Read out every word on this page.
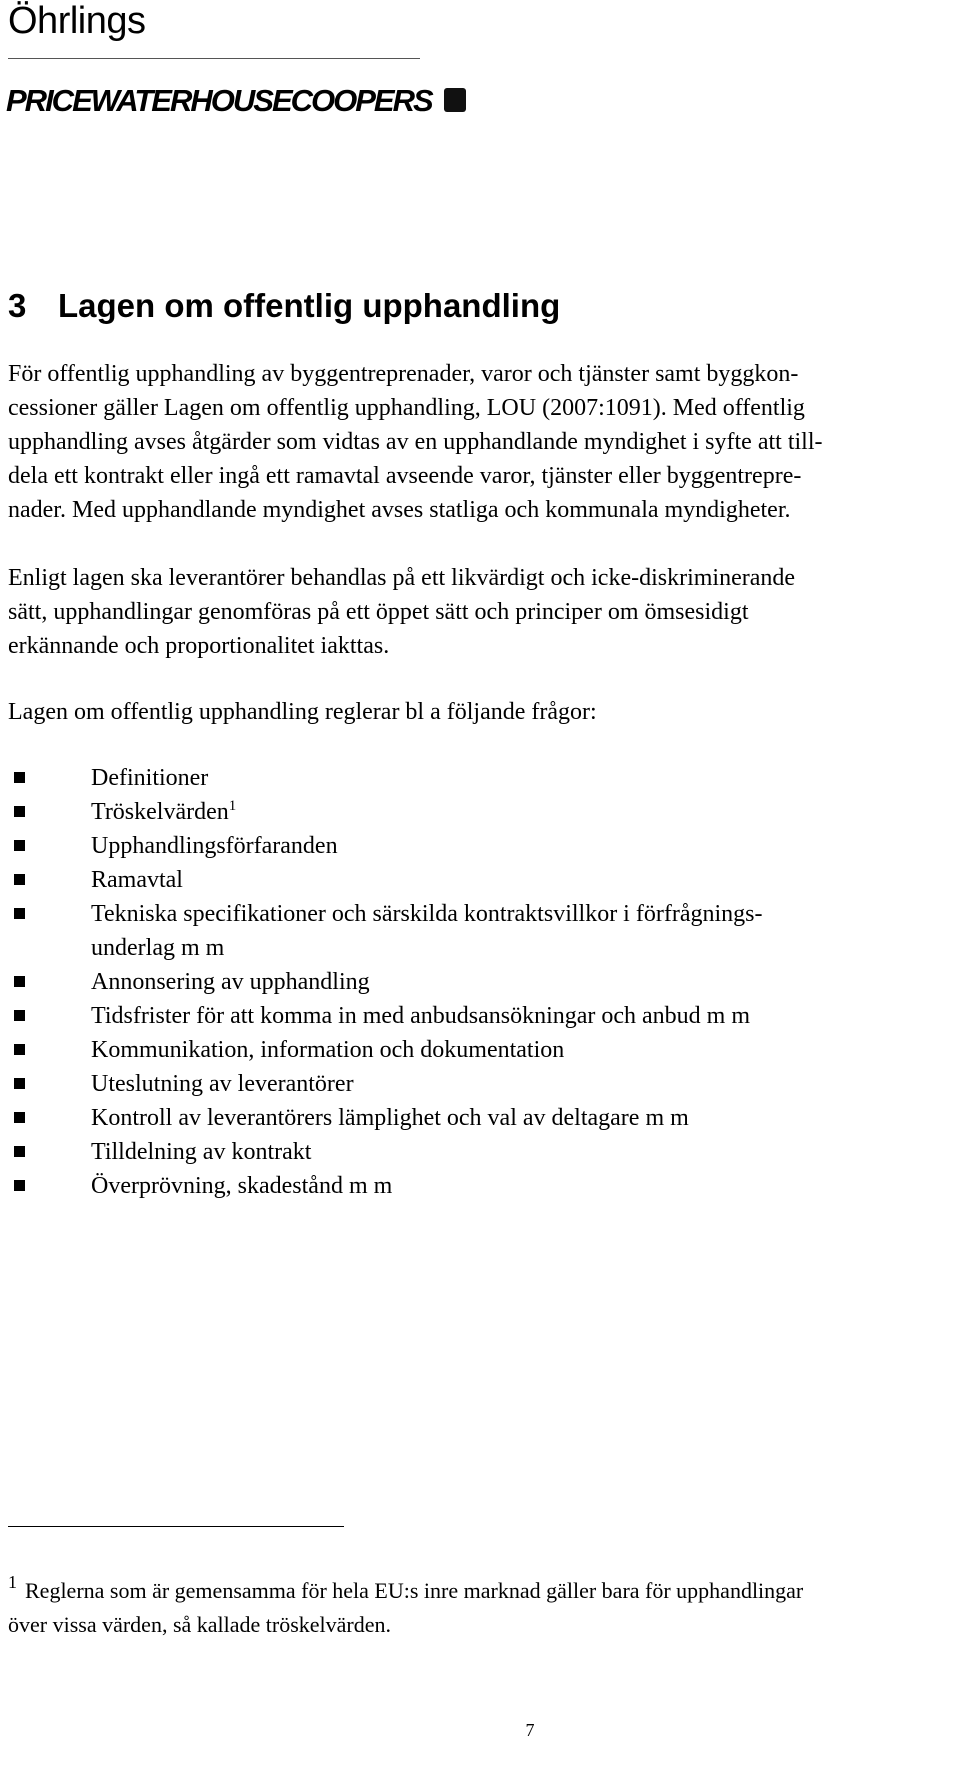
Öhrlings
PRICEWATERHOUSECOOPERS
3 Lagen om offentlig upphandling

För offentlig upphandling av byggentreprenader, varor och tjänster samt byggkon-
cessioner gäller Lagen om offentlig upphandling, LOU (2007:1091). Med offentlig
upphandling avses åtgärder som vidtas av en upphandlande myndighet i syfte att till-
dela ett kontrakt eller ingå ett ramavtal avseende varor, tjänster eller byggentrepre-
nader. Med upphandlande myndighet avses statliga och kommunala myndigheter.

Enligt lagen ska leverantörer behandlas på ett likvärdigt och icke-diskriminerande
sätt, upphandlingar genomföras på ett öppet sätt och principer om ömsesidigt
erkännande och proportionalitet iakttas.

Lagen om offentlig upphandling reglerar bl a följande frågor:

Definitioner
Tröskelvärden$^1$
Upphandlingsförfaranden
Ramavtal
Tekniska specifikationer och särskilda kontraktsvillkor i förfrågnings-
underlag m m
Annonsering av upphandling
Tidsfrister för att komma in med anbudsansökningar och anbud m m
Kommunikation, information och dokumentation
Uteslutning av leverantörer
Kontroll av leverantörers lämplighet och val av deltagare m m
Tilldelning av kontrakt
Överprövning, skadestånd m m

$^1$ Reglerna som är gemensamma för hela EU:s inre marknad gäller bara för upphandlingar
över vissa värden, så kallade tröskelvärden.

7
